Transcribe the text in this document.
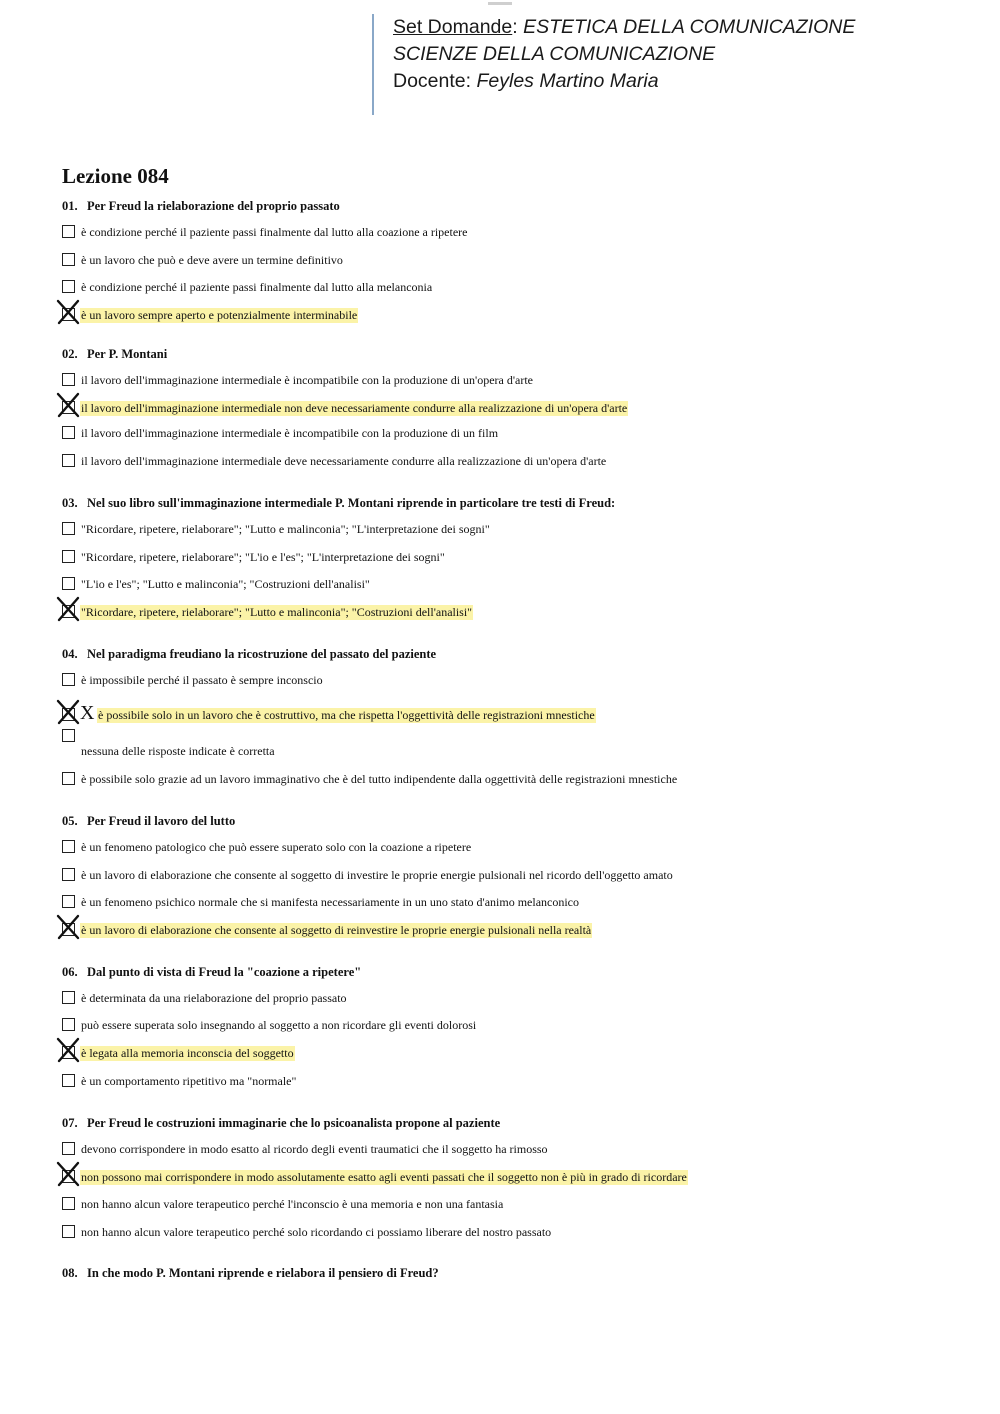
Set Domande: ESTETICA DELLA COMUNICAZIONE
SCIENZE DELLA COMUNICAZIONE
Docente: Feyles Martino Maria
Lezione 084
01. Per Freud la rielaborazione del proprio passato
è condizione perché il paziente passi finalmente dal lutto alla coazione a ripetere
è un lavoro che può e deve avere un termine definitivo
è condizione perché il paziente passi finalmente dal lutto alla melanconia
è un lavoro sempre aperto e potenzialmente interminabile
02. Per P. Montani
il lavoro dell'immaginazione intermediale è incompatibile con la produzione di un'opera d'arte
il lavoro dell'immaginazione intermediale non deve necessariamente condurre alla realizzazione di un'opera d'arte
il lavoro dell'immaginazione intermediale è incompatibile con la produzione di un film
il lavoro dell'immaginazione intermediale deve necessariamente condurre alla realizzazione di un'opera d'arte
03. Nel suo libro sull'immaginazione intermediale P. Montani riprende in particolare tre testi di Freud:
"Ricordare, ripetere, rielaborare"; "Lutto e malinconia"; "L'interpretazione dei sogni"
"Ricordare, ripetere, rielaborare"; "L'io e l'es"; "L'interpretazione dei sogni"
"L'io e l'es"; "Lutto e malinconia"; "Costruzioni dell'analisi"
"Ricordare, ripetere, rielaborare"; "Lutto e malinconia"; "Costruzioni dell'analisi"
04. Nel paradigma freudiano la ricostruzione del passato del paziente
è impossibile perché il passato è sempre inconscio
X è possibile solo in un lavoro che è costruttivo, ma che rispetta l'oggettività delle registrazioni mnestiche
nessuna delle risposte indicate è corretta
è possibile solo grazie ad un lavoro immaginativo che è del tutto indipendente dalla oggettività delle registrazioni mnestiche
05. Per Freud il lavoro del lutto
è un fenomeno patologico che può essere superato solo con la coazione a ripetere
è un lavoro di elaborazione che consente al soggetto di investire le proprie energie pulsionali nel ricordo dell'oggetto amato
è un fenomeno psichico normale che si manifesta necessariamente in un uno stato d'animo melanconico
è un lavoro di elaborazione che consente al soggetto di reinvestire le proprie energie pulsionali nella realtà
06. Dal punto di vista di Freud la "coazione a ripetere"
è determinata da una rielaborazione del proprio passato
può essere superata solo insegnando al soggetto a non ricordare gli eventi dolorosi
è legata alla memoria inconscia del soggetto
è un comportamento ripetitivo ma "normale"
07. Per Freud le costruzioni immaginarie che lo psicoanalista propone al paziente
devono corrispondere in modo esatto al ricordo degli eventi traumatici che il soggetto ha rimosso
non possono mai corrispondere in modo assolutamente esatto agli eventi passati che il soggetto non è più in grado di ricordare
non hanno alcun valore terapeutico perché l'inconscio è una memoria e non una fantasia
non hanno alcun valore terapeutico perché solo ricordando ci possiamo liberare del nostro passato
08. In che modo P. Montani riprende e rielabora il pensiero di Freud?
